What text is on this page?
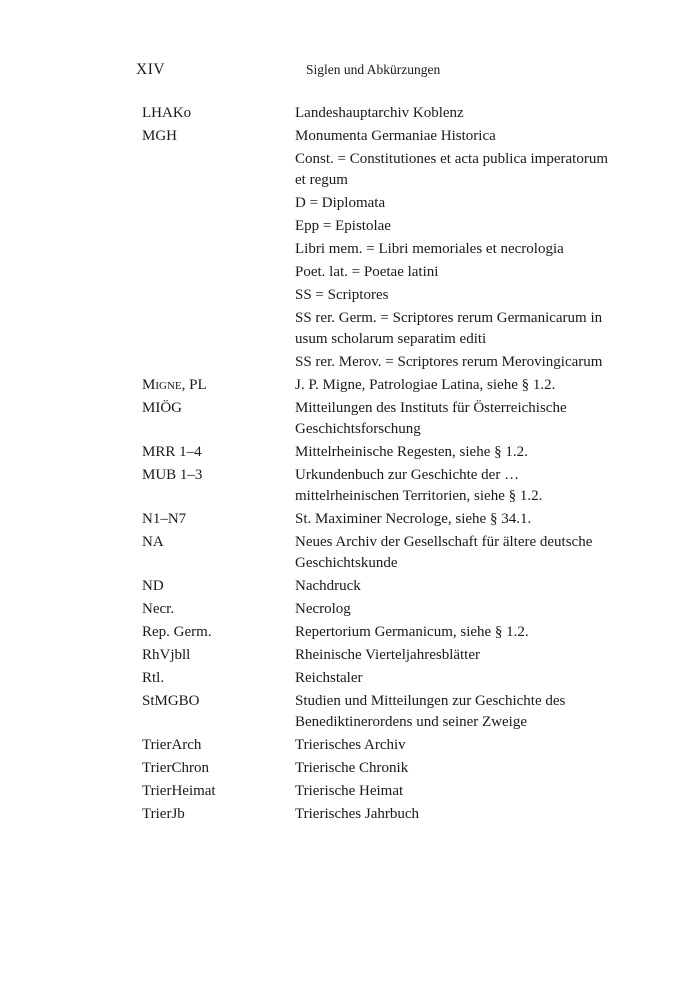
XIV	Siglen und Abkürzungen
LHAKo	Landeshauptarchiv Koblenz
MGH	Monumenta Germaniae Historica
Const. = Constitutiones et acta publica imperatorum et regum
D = Diplomata
Epp = Epistolae
Libri mem. = Libri memoriales et necrologia
Poet. lat. = Poetae latini
SS = Scriptores
SS rer. Germ. = Scriptores rerum Germanicarum in usum scholarum separatim editi
SS rer. Merov. = Scriptores rerum Merovingicarum
Migne, PL	J. P. Migne, Patrologiae Latina, siehe § 1.2.
MIÖG	Mitteilungen des Instituts für Österreichische Geschichtsforschung
MRR 1–4	Mittelrheinische Regesten, siehe § 1.2.
MUB 1–3	Urkundenbuch zur Geschichte der … mittelrheinischen Territorien, siehe § 1.2.
N1–N7	St. Maximiner Necrologe, siehe § 34.1.
NA	Neues Archiv der Gesellschaft für ältere deutsche Geschichtskunde
ND	Nachdruck
Necr.	Necrolog
Rep. Germ.	Repertorium Germanicum, siehe § 1.2.
RhVjbll	Rheinische Vierteljahresblätter
Rtl.	Reichstaler
StMGBO	Studien und Mitteilungen zur Geschichte des Benediktinerordens und seiner Zweige
TrierArch	Trierisches Archiv
TrierChron	Trierische Chronik
TrierHeimat	Trierische Heimat
TrierJb	Trierisches Jahrbuch
